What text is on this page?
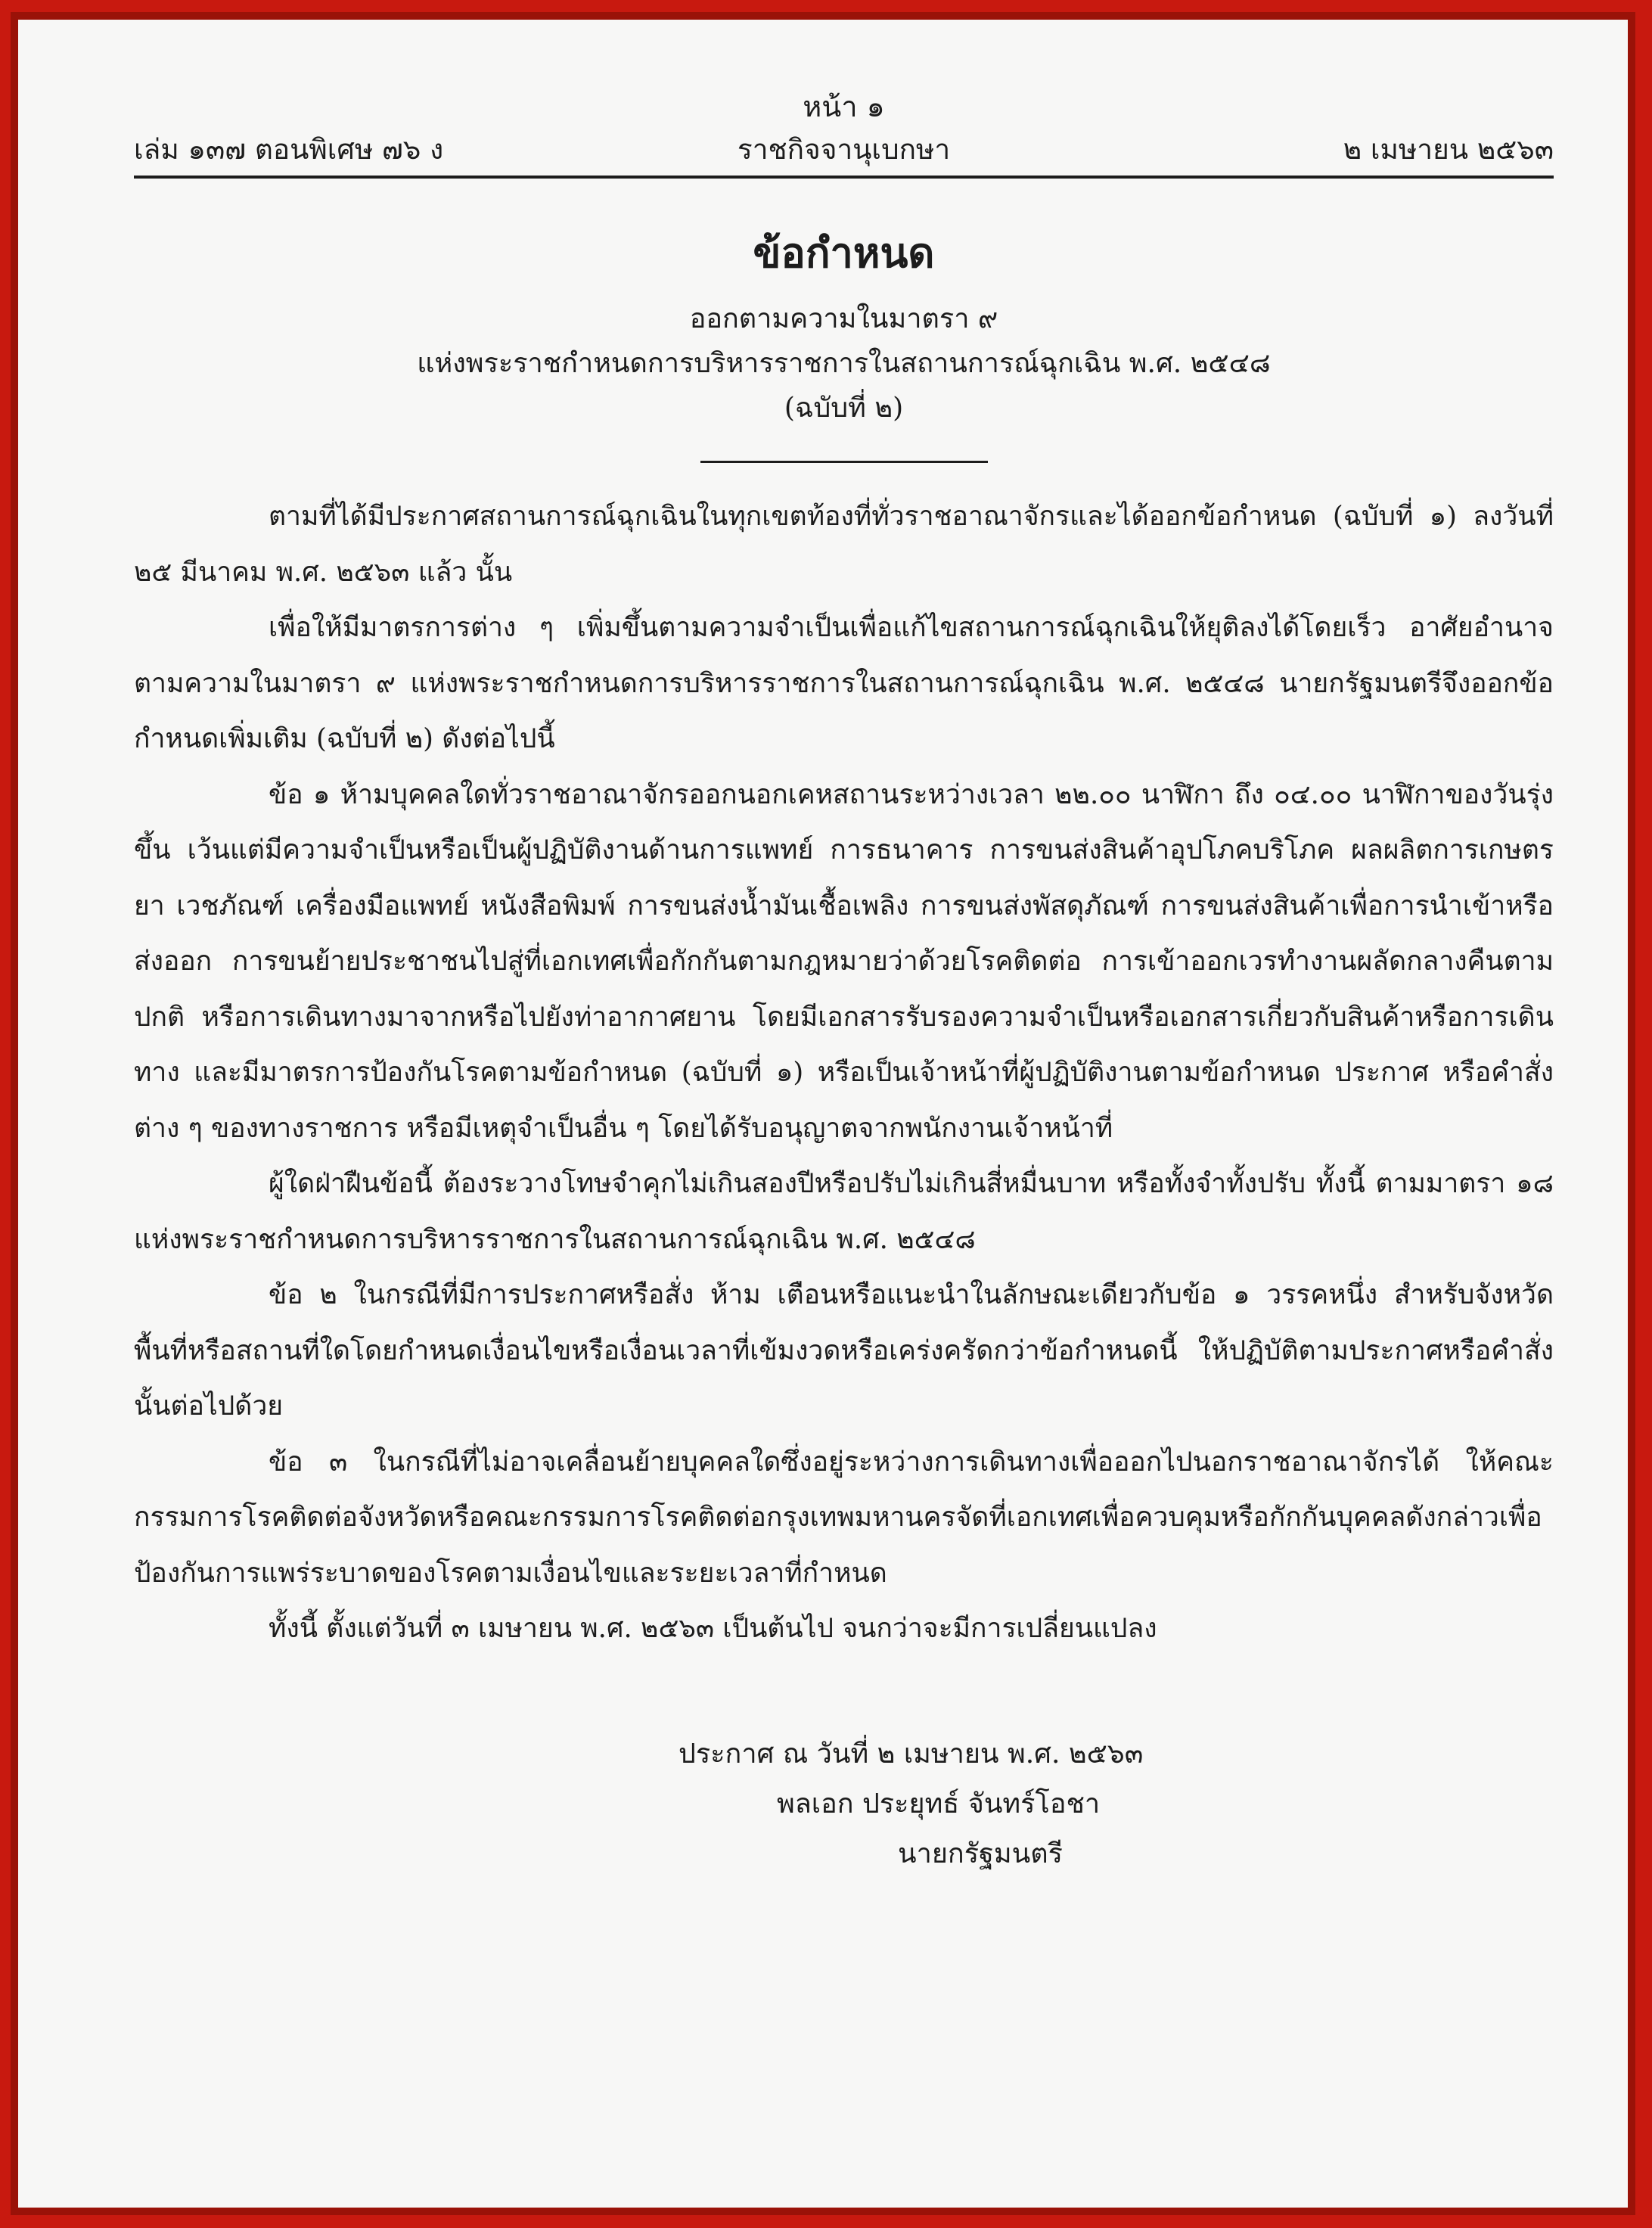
หน้า ๑
เล่ม ๑๓๗ ตอนพิเศษ ๗๖ ง	ราชกิจจานุเบกษา	๒ เมษายน ๒๕๖๓
ข้อกำหนด
ออกตามความในมาตรา ๙
แห่งพระราชกำหนดการบริหารราชการในสถานการณ์ฉุกเฉิน พ.ศ. ๒๕๔๘
(ฉบับที่ ๒)

ตามที่ได้มีประกาศสถานการณ์ฉุกเฉินในทุกเขตท้องที่ทั่วราชอาณาจักรและได้ออกข้อกำหนด (ฉบับที่ ๑) ลงวันที่ ๒๕ มีนาคม พ.ศ. ๒๕๖๓ แล้ว นั้น

เพื่อให้มีมาตรการต่าง ๆ เพิ่มขึ้นตามความจำเป็นเพื่อแก้ไขสถานการณ์ฉุกเฉินให้ยุติลงได้โดยเร็ว อาศัยอำนาจตามความในมาตรา ๙ แห่งพระราชกำหนดการบริหารราชการในสถานการณ์ฉุกเฉิน พ.ศ. ๒๕๔๘ นายกรัฐมนตรีจึงออกข้อกำหนดเพิ่มเติม (ฉบับที่ ๒) ดังต่อไปนี้

ข้อ ๑ ห้ามบุคคลใดทั่วราชอาณาจักรออกนอกเคหสถานระหว่างเวลา ๒๒.๐๐ นาฬิกา ถึง ๐๔.๐๐ นาฬิกาของวันรุ่งขึ้น เว้นแต่มีความจำเป็นหรือเป็นผู้ปฏิบัติงานด้านการแพทย์ การธนาคาร การขนส่งสินค้าอุปโภคบริโภค ผลผลิตการเกษตร ยา เวชภัณฑ์ เครื่องมือแพทย์ หนังสือพิมพ์ การขนส่งน้ำมันเชื้อเพลิง การขนส่งพัสดุภัณฑ์ การขนส่งสินค้าเพื่อการนำเข้าหรือส่งออก การขนย้ายประชาชนไปสู่ที่เอกเทศเพื่อกักกันตามกฎหมายว่าด้วยโรคติดต่อ การเข้าออกเวรทำงานผลัดกลางคืนตามปกติ หรือการเดินทางมาจากหรือไปยังท่าอากาศยาน โดยมีเอกสารรับรองความจำเป็นหรือเอกสารเกี่ยวกับสินค้าหรือการเดินทาง และมีมาตรการป้องกันโรคตามข้อกำหนด (ฉบับที่ ๑) หรือเป็นเจ้าหน้าที่ผู้ปฏิบัติงานตามข้อกำหนด ประกาศ หรือคำสั่งต่าง ๆ ของทางราชการ หรือมีเหตุจำเป็นอื่น ๆ โดยได้รับอนุญาตจากพนักงานเจ้าหน้าที่

ผู้ใดฝ่าฝืนข้อนี้ ต้องระวางโทษจำคุกไม่เกินสองปีหรือปรับไม่เกินสี่หมื่นบาท หรือทั้งจำทั้งปรับ ทั้งนี้ ตามมาตรา ๑๘ แห่งพระราชกำหนดการบริหารราชการในสถานการณ์ฉุกเฉิน พ.ศ. ๒๕๔๘

ข้อ ๒ ในกรณีที่มีการประกาศหรือสั่ง ห้าม เตือนหรือแนะนำในลักษณะเดียวกับข้อ ๑ วรรคหนึ่ง สำหรับจังหวัด พื้นที่หรือสถานที่ใดโดยกำหนดเงื่อนไขหรือเงื่อนเวลาที่เข้มงวดหรือเคร่งครัดกว่าข้อกำหนดนี้ ให้ปฏิบัติตามประกาศหรือคำสั่งนั้นต่อไปด้วย

ข้อ ๓ ในกรณีที่ไม่อาจเคลื่อนย้ายบุคคลใดซึ่งอยู่ระหว่างการเดินทางเพื่อออกไปนอกราชอาณาจักรได้ ให้คณะกรรมการโรคติดต่อจังหวัดหรือคณะกรรมการโรคติดต่อกรุงเทพมหานครจัดที่เอกเทศเพื่อควบคุมหรือกักกันบุคคลดังกล่าวเพื่อป้องกันการแพร่ระบาดของโรคตามเงื่อนไขและระยะเวลาที่กำหนด

ทั้งนี้ ตั้งแต่วันที่ ๓ เมษายน พ.ศ. ๒๕๖๓ เป็นต้นไป จนกว่าจะมีการเปลี่ยนแปลง

ประกาศ ณ วันที่ ๒ เมษายน พ.ศ. ๒๕๖๓
พลเอก ประยุทธ์ จันทร์โอชา
นายกรัฐมนตรี
